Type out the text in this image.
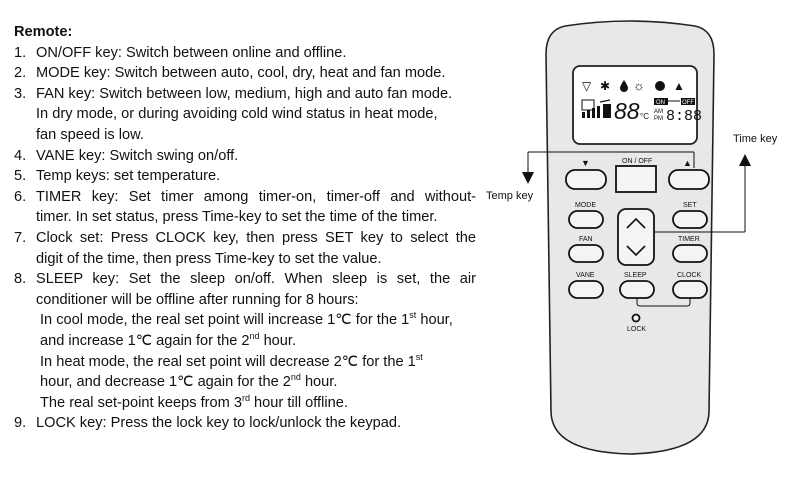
Remote:
1. ON/OFF key: Switch between online and offline.
2. MODE key: Switch between auto, cool, dry, heat and fan mode.
3. FAN key: Switch between low, medium, high and auto fan mode.
In dry mode, or during avoiding cold wind status in heat mode,
fan speed is low.
4. VANE key: Switch swing on/off.
5. Temp keys: set temperature.
6. TIMER key: Set timer among timer-on, timer-off and without-
timer. In set status, press Time-key to set the time of the timer.
7. Clock set: Press CLOCK key, then press SET key to select the
digit of the time, then press Time-key to set the value.
8. SLEEP key: Set the sleep on/off. When sleep is set, the air
conditioner will be offline after running for 8 hours:
In cool mode, the real set point will increase 1℃ for the 1st hour,
and increase 1℃ again for the 2nd hour.
In heat mode, the real set point will decrease 2℃ for the 1st
hour, and decrease 1℃ again for the 2nd hour.
The real set-point keeps from 3rd hour till offline.
9. LOCK key: Press the lock key to lock/unlock the keypad.
▽ ✱ ☼ ▲
88 °C
ON	OFF
AM
PM 8:88
▼	ON / OFF	▲
MODE	SET
FAN	TIMER
VANE	SLEEP	CLOCK
LOCK
Temp key
Time key
